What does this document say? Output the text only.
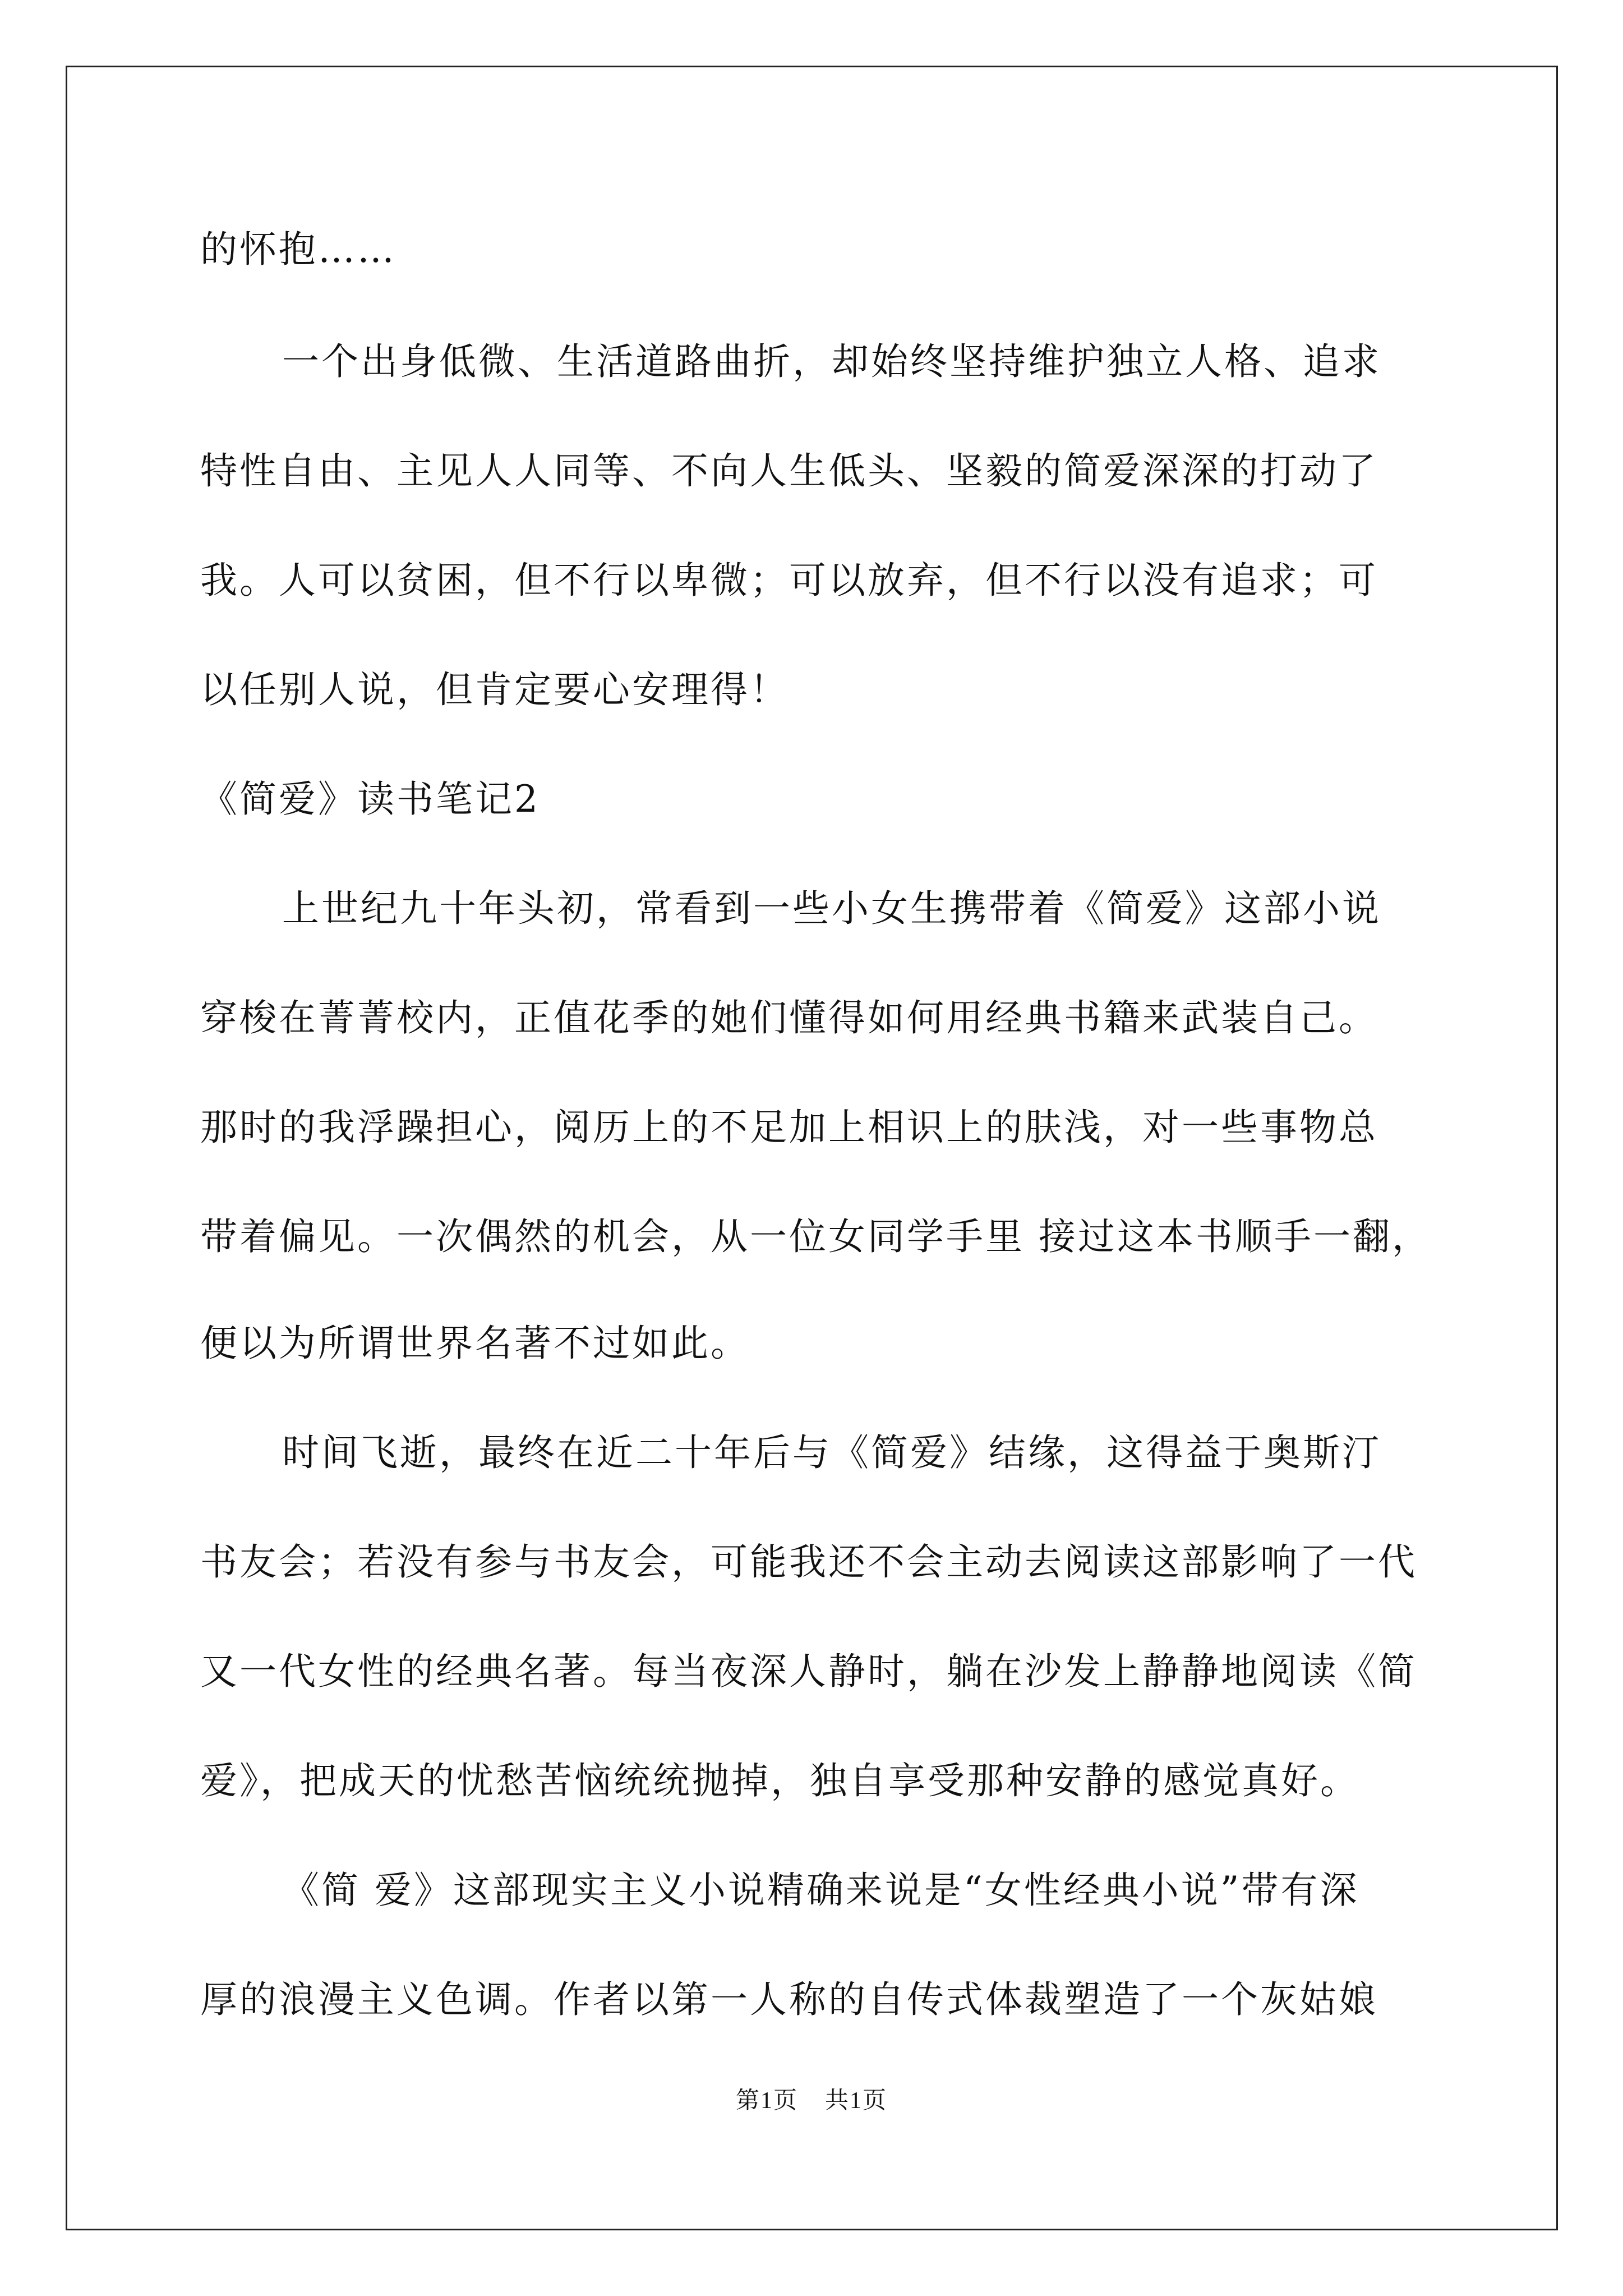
的怀抱……

一个出身低微、生活道路曲折，却始终坚持维护独立人格、追求

特性自由、主见人人同等、不向人生低头、坚毅的简爱深深的打动了

我。人可以贫困，但不行以卑微；可以放弃，但不行以没有追求；可

以任别人说，但肯定要心安理得！

《简爱》读书笔记2

上世纪九十年头初，常看到一些小女生携带着《简爱》这部小说

穿梭在菁菁校内，正值花季的她们懂得如何用经典书籍来武装自己。

那时的我浮躁担心，阅历上的不足加上相识上的肤浅，对一些事物总

带着偏见。一次偶然的机会，从一位女同学手里 接过这本书顺手一翻，

便以为所谓世界名著不过如此。

时间飞逝，最终在近二十年后与《简爱》结缘，这得益于奥斯汀

书友会；若没有参与书友会，可能我还不会主动去阅读这部影响了一代

又一代女性的经典名著。每当夜深人静时，躺在沙发上静静地阅读《简

爱》，把成天的忧愁苦恼统统抛掉，独自享受那种安静的感觉真好。

《简 爱》这部现实主义小说精确来说是“女性经典小说”带有深

厚的浪漫主义色调。作者以第一人称的自传式体裁塑造了一个灰姑娘

第1页 共1页
